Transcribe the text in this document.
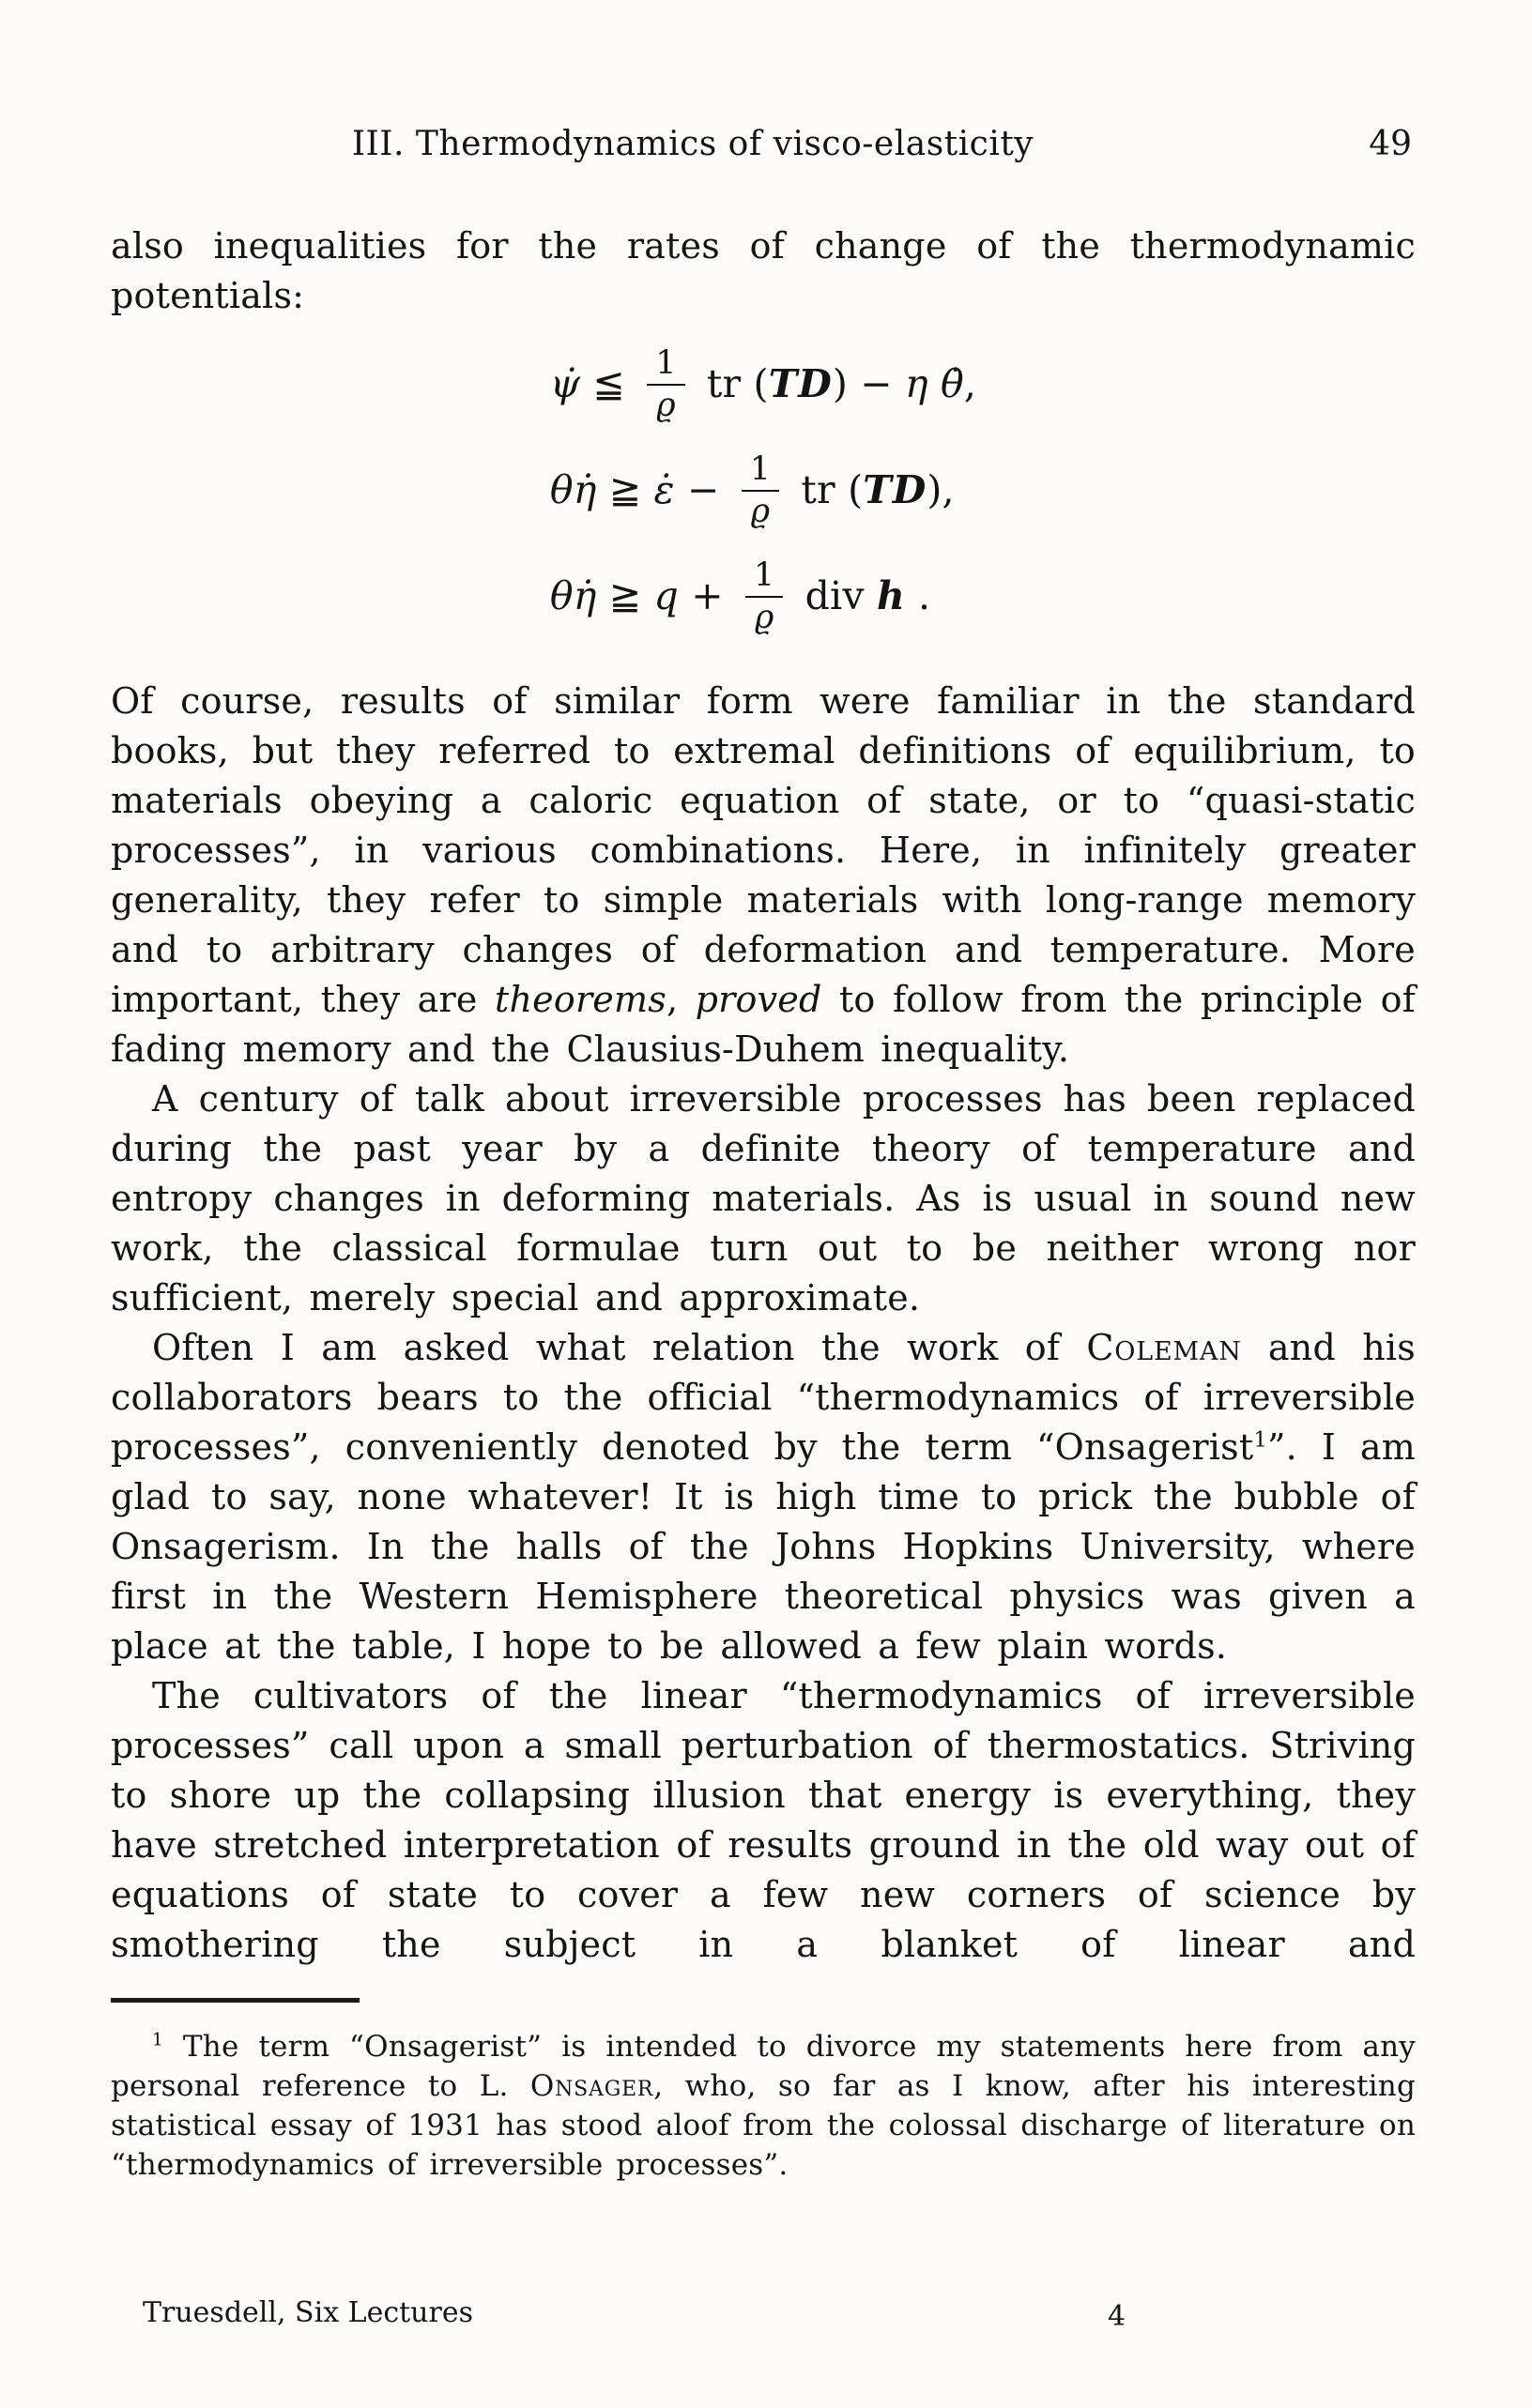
III. Thermodynamics of visco-elasticity	49

also inequalities for the rates of change of the thermodynamic potentials:

ψ̇ ≦ $\frac{1}{ϱ}$ tr (TD) − η θ̇,
θη̇ ≧ ε̇ − $\frac{1}{ϱ}$ tr (TD),
θη̇ ≧ $q + \frac{1}{ϱ}$ div h .

Of course, results of similar form were familiar in the standard books, but they referred to extremal definitions of equilibrium, to materials obeying a caloric equation of state, or to “quasi-static processes”, in various combinations. Here, in infinitely greater generality, they refer to simple materials with long-range memory and to arbitrary changes of deformation and temperature. More important, they are theorems, proved to follow from the principle of fading memory and the Clausius-Duhem inequality.

A century of talk about irreversible processes has been replaced during the past year by a definite theory of temperature and entropy changes in deforming materials. As is usual in sound new work, the classical formulae turn out to be neither wrong nor sufficient, merely special and approximate.

Often I am asked what relation the work of Coleman and his collaborators bears to the official “thermodynamics of irreversible processes”, conveniently denoted by the term “Onsagerist$^1$”. I am glad to say, none whatever! It is high time to prick the bubble of Onsagerism. In the halls of the Johns Hopkins University, where first in the Western Hemisphere theoretical physics was given a place at the table, I hope to be allowed a few plain words.

The cultivators of the linear “thermodynamics of irreversible processes” call upon a small perturbation of thermostatics. Striving to shore up the collapsing illusion that energy is everything, they have stretched interpretation of results ground in the old way out of equations of state to cover a few new corners of science by smothering the subject in a blanket of linear and

$^1$ The term “Onsagerist” is intended to divorce my statements here from any personal reference to L. Onsager, who, so far as I know, after his interesting statistical essay of 1931 has stood aloof from the colossal discharge of literature on “thermodynamics of irreversible processes”.

Truesdell, Six Lectures	4
